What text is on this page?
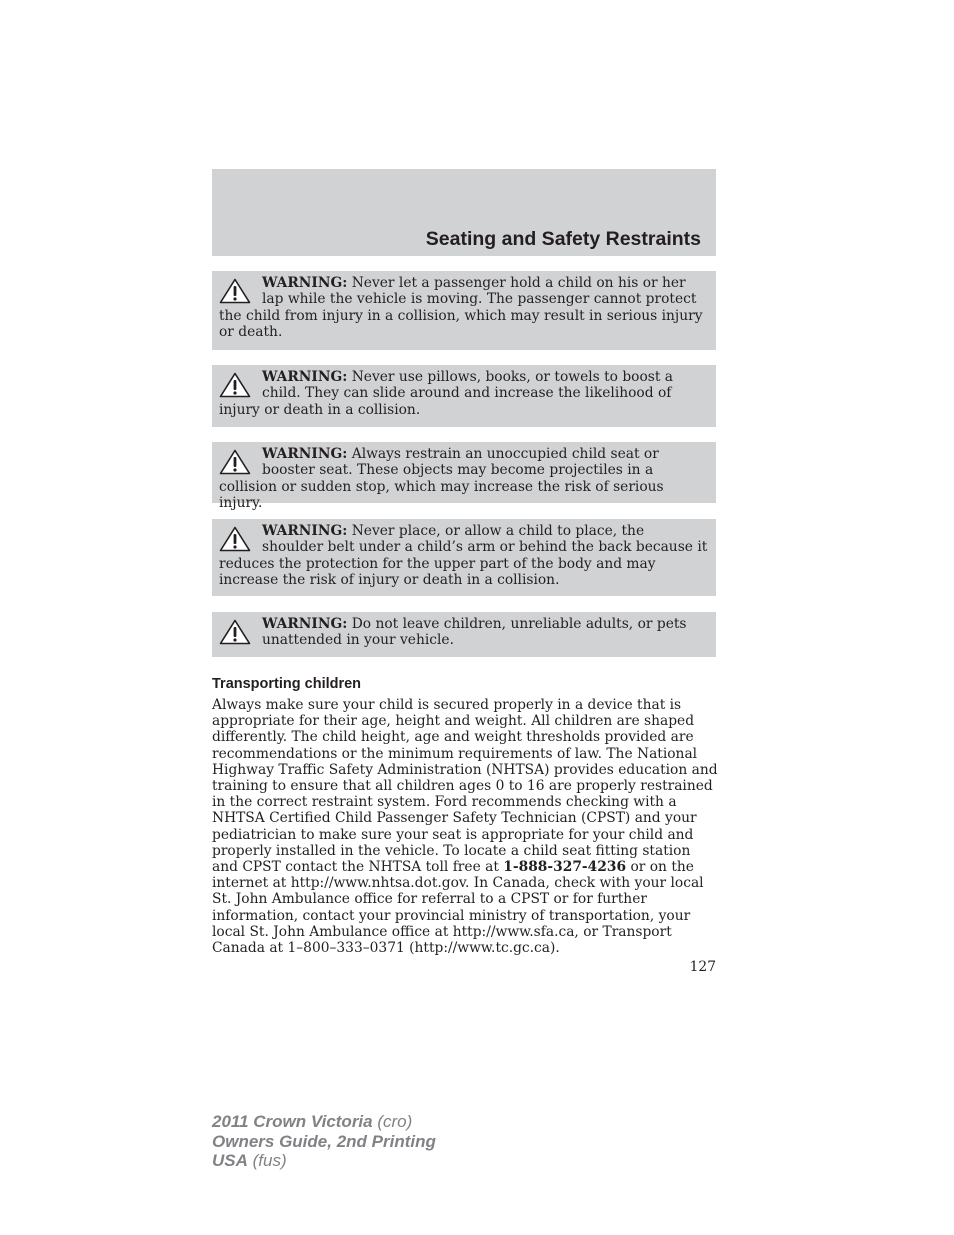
Seating and Safety Restraints
WARNING: Never let a passenger hold a child on his or her lap while the vehicle is moving. The passenger cannot protect the child from injury in a collision, which may result in serious injury or death.
WARNING: Never use pillows, books, or towels to boost a child. They can slide around and increase the likelihood of injury or death in a collision.
WARNING: Always restrain an unoccupied child seat or booster seat. These objects may become projectiles in a collision or sudden stop, which may increase the risk of serious injury.
WARNING: Never place, or allow a child to place, the shoulder belt under a child’s arm or behind the back because it reduces the protection for the upper part of the body and may increase the risk of injury or death in a collision.
WARNING: Do not leave children, unreliable adults, or pets unattended in your vehicle.
Transporting children

Always make sure your child is secured properly in a device that is appropriate for their age, height and weight. All children are shaped differently. The child height, age and weight thresholds provided are recommendations or the minimum requirements of law. The National Highway Traffic Safety Administration (NHTSA) provides education and training to ensure that all children ages 0 to 16 are properly restrained in the correct restraint system. Ford recommends checking with a NHTSA Certified Child Passenger Safety Technician (CPST) and your pediatrician to make sure your seat is appropriate for your child and properly installed in the vehicle. To locate a child seat fitting station and CPST contact the NHTSA toll free at 1-888-327-4236 or on the internet at http://www.nhtsa.dot.gov. In Canada, check with your local St. John Ambulance office for referral to a CPST or for further information, contact your provincial ministry of transportation, your local St. John Ambulance office at http://www.sfa.ca, or Transport Canada at 1–800–333–0371 (http://www.tc.gc.ca).

127
2011 Crown Victoria (cro)
Owners Guide, 2nd Printing
USA (fus)
